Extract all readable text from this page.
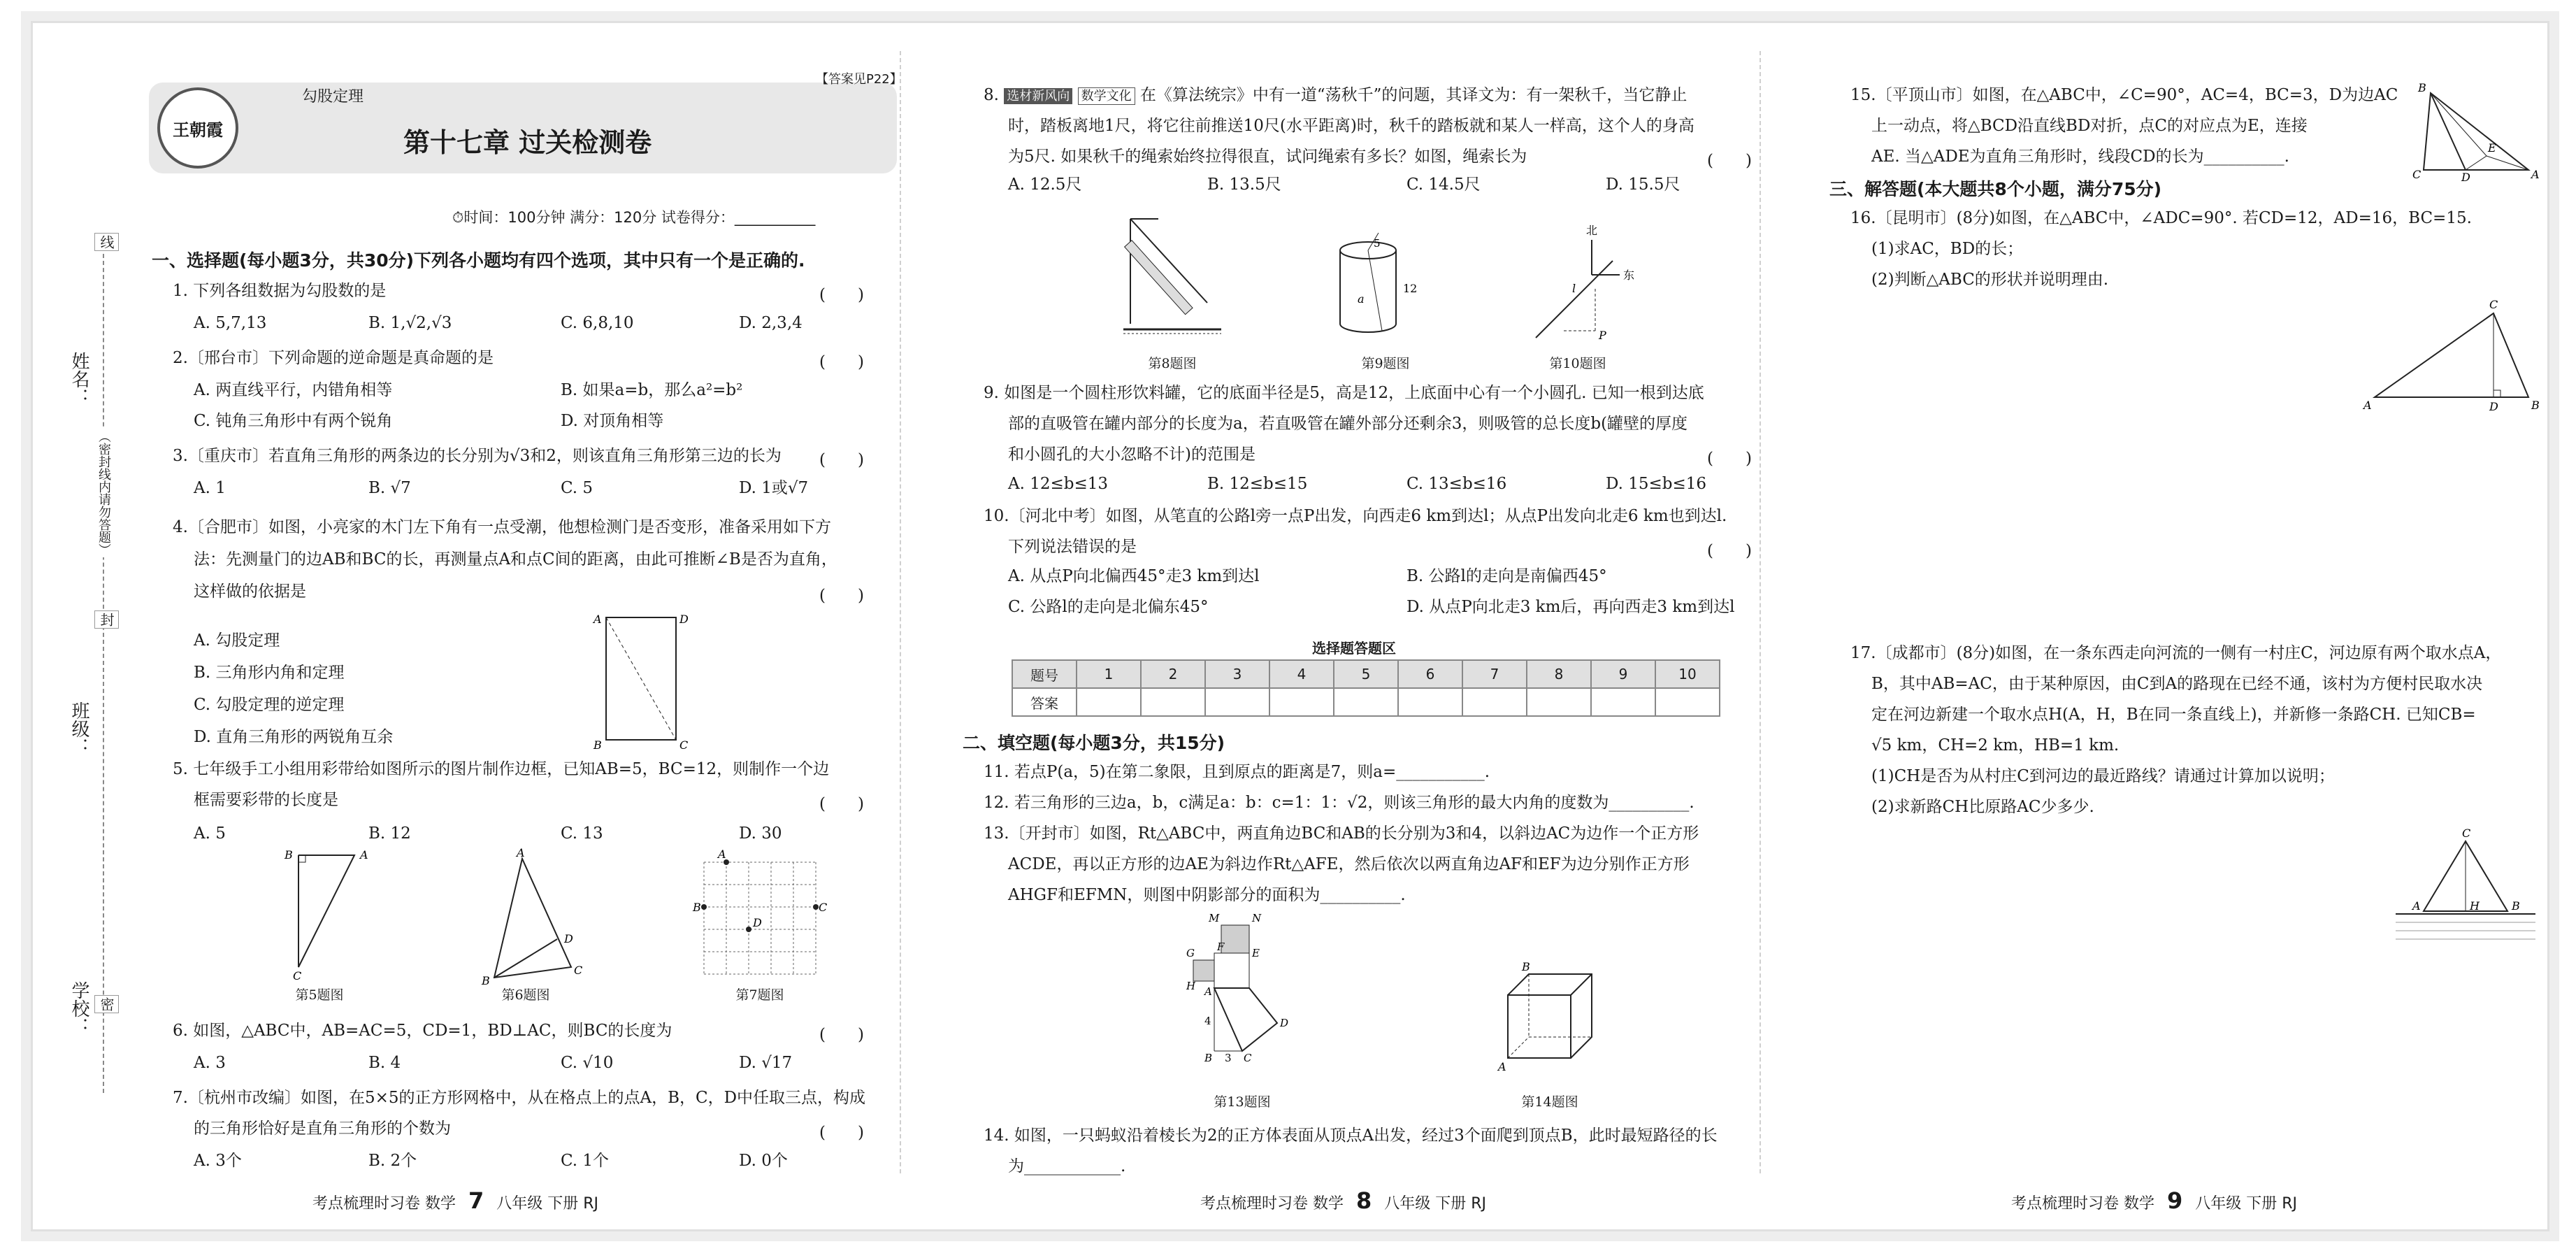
姓名：
班级：
学校：
线
（密封线内请勿答题）
封
密
王朝霞
勾股定理
【答案见P22】
第十七章 过关检测卷
⏱时间：100分钟 满分：120分 试卷得分：___________
一、选择题(每小题3分，共30分)下列各小题均有四个选项，其中只有一个是正确的.
1. 下列各组数据为勾股数的是	(　　)
A. 5,7,13	B. 1,√2,√3	C. 6,8,10	D. 2,3,4
2.〔邢台市〕下列命题的逆命题是真命题的是	(　　)
A. 两直线平行，内错角相等	B. 如果a=b，那么a²=b²
C. 钝角三角形中有两个锐角	D. 对顶角相等
3.〔重庆市〕若直角三角形的两条边的长分别为√3和2，则该直角三角形第三边的长为 (　　)
A. 1	B. √7	C. 5	D. 1或√7
4.〔合肥市〕如图，小亮家的木门左下角有一点受潮，他想检测门是否变形，准备采用如下方
法：先测量门的边AB和BC的长，再测量点A和点C间的距离，由此可推断∠B是否为直角，
这样做的依据是	(　　)
A. 勾股定理
B. 三角形内角和定理
C. 勾股定理的逆定理
D. 直角三角形的两锐角互余
A	D
B	C
5. 七年级手工小组用彩带给如图所示的图片制作边框，已知AB=5，BC=12，则制作一个边
框需要彩带的长度是	(　　)
A. 5	B. 12	C. 13	D. 30
B	A
C
第5题图
A
B
D
C
第6题图
A
B	C
D
第7题图
6. 如图，△ABC中，AB=AC=5，CD=1，BD⊥AC，则BC的长度为	(　　)
A. 3	B. 4	C. √10	D. √17
7.〔杭州市改编〕如图，在5×5的正方形网格中，从在格点上的点A，B，C，D中任取三点，构成
的三角形恰好是直角三角形的个数为	(　　)
A. 3个	B. 2个	C. 1个	D. 0个
考点梳理时习卷 数学 7 八年级 下册 RJ
8. 选材新风向 数学文化 在《算法统宗》中有一道“荡秋千”的问题，其译文为：有一架秋千，当它静止
时，踏板离地1尺，将它往前推送10尺(水平距离)时，秋千的踏板就和某人一样高，这个人的身高
为5尺. 如果秋千的绳索始终拉得很直，试问绳索有多长？如图，绳索长为	(　　)
A. 12.5尺	B. 13.5尺	C. 14.5尺	D. 15.5尺
第8题图
5
12
a
第9题图
北
东
l
P
第10题图
9. 如图是一个圆柱形饮料罐，它的底面半径是5，高是12，上底面中心有一个小圆孔. 已知一根到达底
部的直吸管在罐内部分的长度为a，若直吸管在罐外部分还剩余3，则吸管的总长度b(罐壁的厚度
和小圆孔的大小忽略不计)的范围是	(　　)
A. 12≤b≤13	B. 12≤b≤15	C. 13≤b≤16	D. 15≤b≤16
10.〔河北中考〕如图，从笔直的公路l旁一点P出发，向西走6 km到达l；从点P出发向北走6 km也到达l.
下列说法错误的是	(　　)
A. 从点P向北偏西45°走3 km到达l	B. 公路l的走向是南偏西45°
C. 公路l的走向是北偏东45°	D. 从点P向北走3 km后，再向西走3 km到达l
选择题答题区
题号	1	2	3	4	5	6	7	8	9	10
答案										
二、填空题(每小题3分，共15分)
11. 若点P(a，5)在第二象限，且到原点的距离是7，则a=___________.
12. 若三角形的三边a，b，c满足a：b：c=1：1：√2，则该三角形的最大内角的度数为__________.
13.〔开封市〕如图，Rt△ABC中，两直角边BC和AB的长分别为3和4，以斜边AC为边作一个正方形
ACDE，再以正方形的边AE为斜边作Rt△AFE，然后依次以两直角边AF和EF为边分别作正方形
AHGF和EFMN，则图中阴影部分的面积为__________.
M	N
G F	E
H A
4
B 3 C
D
第13题图
B
A
第14题图
14. 如图，一只蚂蚁沿着棱长为2的正方体表面从顶点A出发，经过3个面爬到顶点B，此时最短路径的长
为____________.
考点梳理时习卷 数学 8 八年级 下册 RJ
15.〔平顶山市〕如图，在△ABC中，∠C=90°，AC=4，BC=3，D为边AC
上一动点，将△BCD沿直线BD对折，点C的对应点为E，连接
AE. 当△ADE为直角三角形时，线段CD的长为__________.
B
E
C	D	A
三、解答题(本大题共8个小题，满分75分)
16.〔昆明市〕(8分)如图，在△ABC中，∠ADC=90°. 若CD=12，AD=16，BC=15.
(1)求AC，BD的长；
(2)判断△ABC的形状并说明理由.
C
A	D	B
17.〔成都市〕(8分)如图，在一条东西走向河流的一侧有一村庄C，河边原有两个取水点A，
B，其中AB=AC，由于某种原因，由C到A的路现在已经不通，该村为方便村民取水决
定在河边新建一个取水点H(A，H，B在同一条直线上)，并新修一条路CH. 已知CB=
√5 km，CH=2 km，HB=1 km.
(1)CH是否为从村庄C到河边的最近路线？请通过计算加以说明；
(2)求新路CH比原路AC少多少.
C
A	H	B
考点梳理时习卷 数学 9 八年级 下册 RJ
